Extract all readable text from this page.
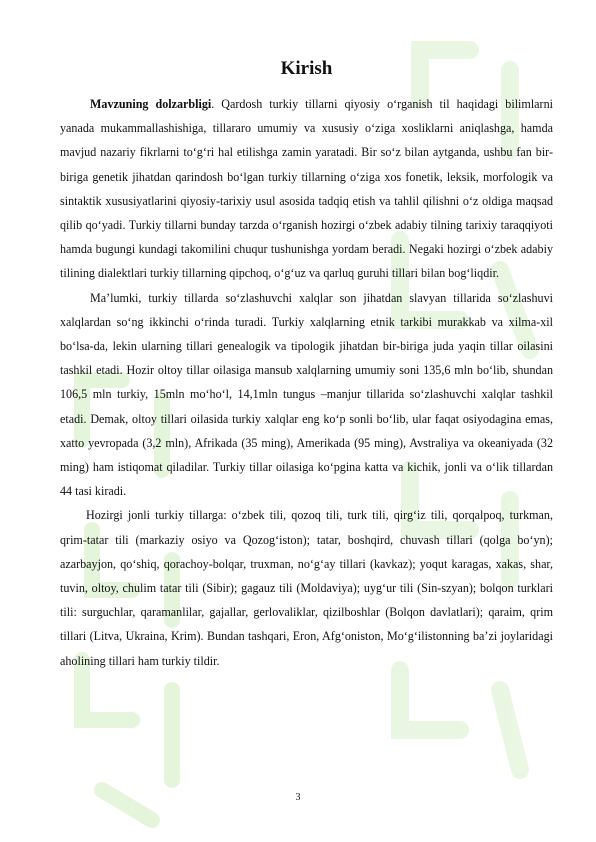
Kirish

Mavzuning dolzarbligi. Qardosh turkiy tillarni qiyosiy o‘rganish til haqidagi bilimlarni yanada mukammallashishiga, tillararo umumiy va xususiy o‘ziga xosliklarni aniqlashga, hamda mavjud nazariy fikrlarni to‘g‘ri hal etilishga zamin yaratadi. Bir so‘z bilan aytganda, ushbu fan bir-biriga genetik jihatdan qarindosh bo‘lgan turkiy tillarning o‘ziga xos fonetik, leksik, morfologik va sintaktik xususiyatlarini qiyosiy-tarixiy usul asosida tadqiq etish va tahlil qilishni o‘z oldiga maqsad qilib qo‘yadi. Turkiy tillarni bunday tarzda o‘rganish hozirgi o‘zbek adabiy tilning tarixiy taraqqiyoti hamda bugungi kundagi takomilini chuqur tushunishga yordam beradi. Negaki hozirgi o‘zbek adabiy tilining dialektlari turkiy tillarning qipchoq, o‘g‘uz va qarluq guruhi tillari bilan bog‘liqdir.

Ma’lumki, turkiy tillarda so‘zlashuvchi xalqlar son jihatdan slavyan tillarida so‘zlashuvi xalqlardan so‘ng ikkinchi o‘rinda turadi. Turkiy xalqlarning etnik tarkibi murakkab va xilma-xil bo‘lsa-da, lekin ularning tillari genealogik va tipologik jihatdan bir-biriga juda yaqin tillar oilasini tashkil etadi. Hozir oltoy tillar oilasiga mansub xalqlarning umumiy soni 135,6 mln bo‘lib, shundan 106,5 mln turkiy, 15mln mo‘ho‘l, 14,1mln tungus –manjur tillarida so‘zlashuvchi xalqlar tashkil etadi. Demak, oltoy tillari oilasida turkiy xalqlar eng ko‘p sonli bo‘lib, ular faqat osiyodagina emas, xatto yevropada (3,2 mln), Afrikada (35 ming), Amerikada (95 ming), Avstraliya va okeaniyada (32 ming) ham istiqomat qiladilar. Turkiy tillar oilasiga ko‘pgina katta va kichik, jonli va o‘lik tillardan 44 tasi kiradi.

Hozirgi jonli turkiy tillarga: o‘zbek tili, qozoq tili, turk tili, qirg‘iz tili, qorqalpoq, turkman, qrim-tatar tili (markaziy osiyo va Qozog‘iston); tatar, boshqird, chuvash tillari (qolga bo‘yn); azarbayjon, qo‘shiq, qorachoy-bolqar, truxman, no‘g‘ay tillari (kavkaz); yoqut karagas, xakas, shar, tuvin, oltoy, chulim tatar tili (Sibir); gagauz tili (Moldaviya); uyg‘ur tili (Sin-szyan); bolqon turklari tili: surguchlar, qaramanlilar, gajallar, gerlovaliklar, qizilboshlar (Bolqon davlatlari); qaraim, qrim tillari (Litva, Ukraina, Krim). Bundan tashqari, Eron, Afg‘oniston, Mo‘g‘ilistonning ba’zi joylaridagi aholining tillari ham turkiy tildir.

3
